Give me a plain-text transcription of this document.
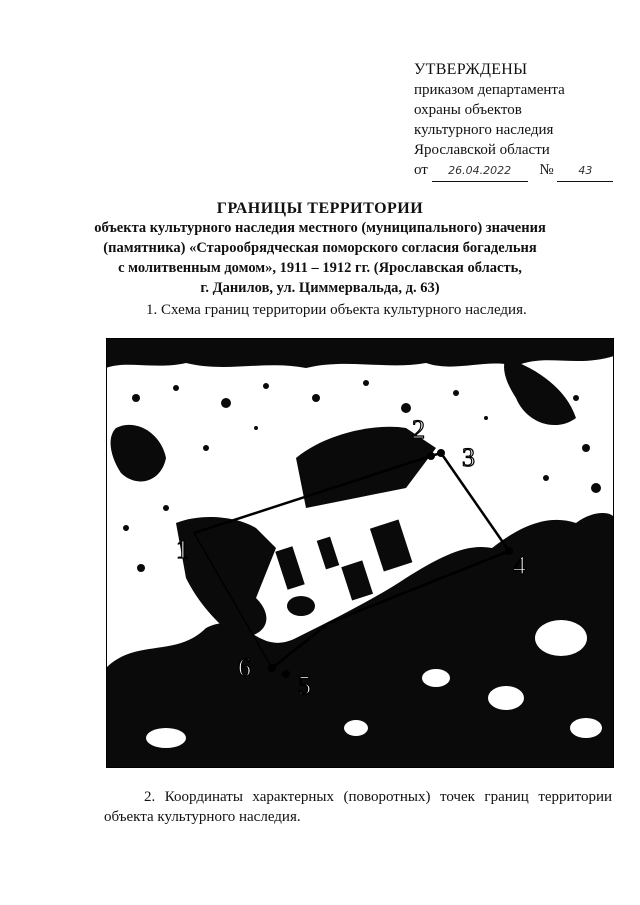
УТВЕРЖДЕНЫ
приказом департамента
охраны объектов
культурного наследия
Ярославской области
от 26.04.2022 № 43
ГРАНИЦЫ ТЕРРИТОРИИ
объекта культурного наследия местного (муниципального) значения
(памятника) «Старообрядческая поморского согласия богадельня
с молитвенным домом», 1911 – 1912 гг. (Ярославская область,
г. Данилов, ул. Циммервальда, д. 63)
1. Схема границ территории объекта культурного наследия.
1
2
3
4
5
6
2. Координаты характерных (поворотных) точек границ территории объекта культурного наследия.
